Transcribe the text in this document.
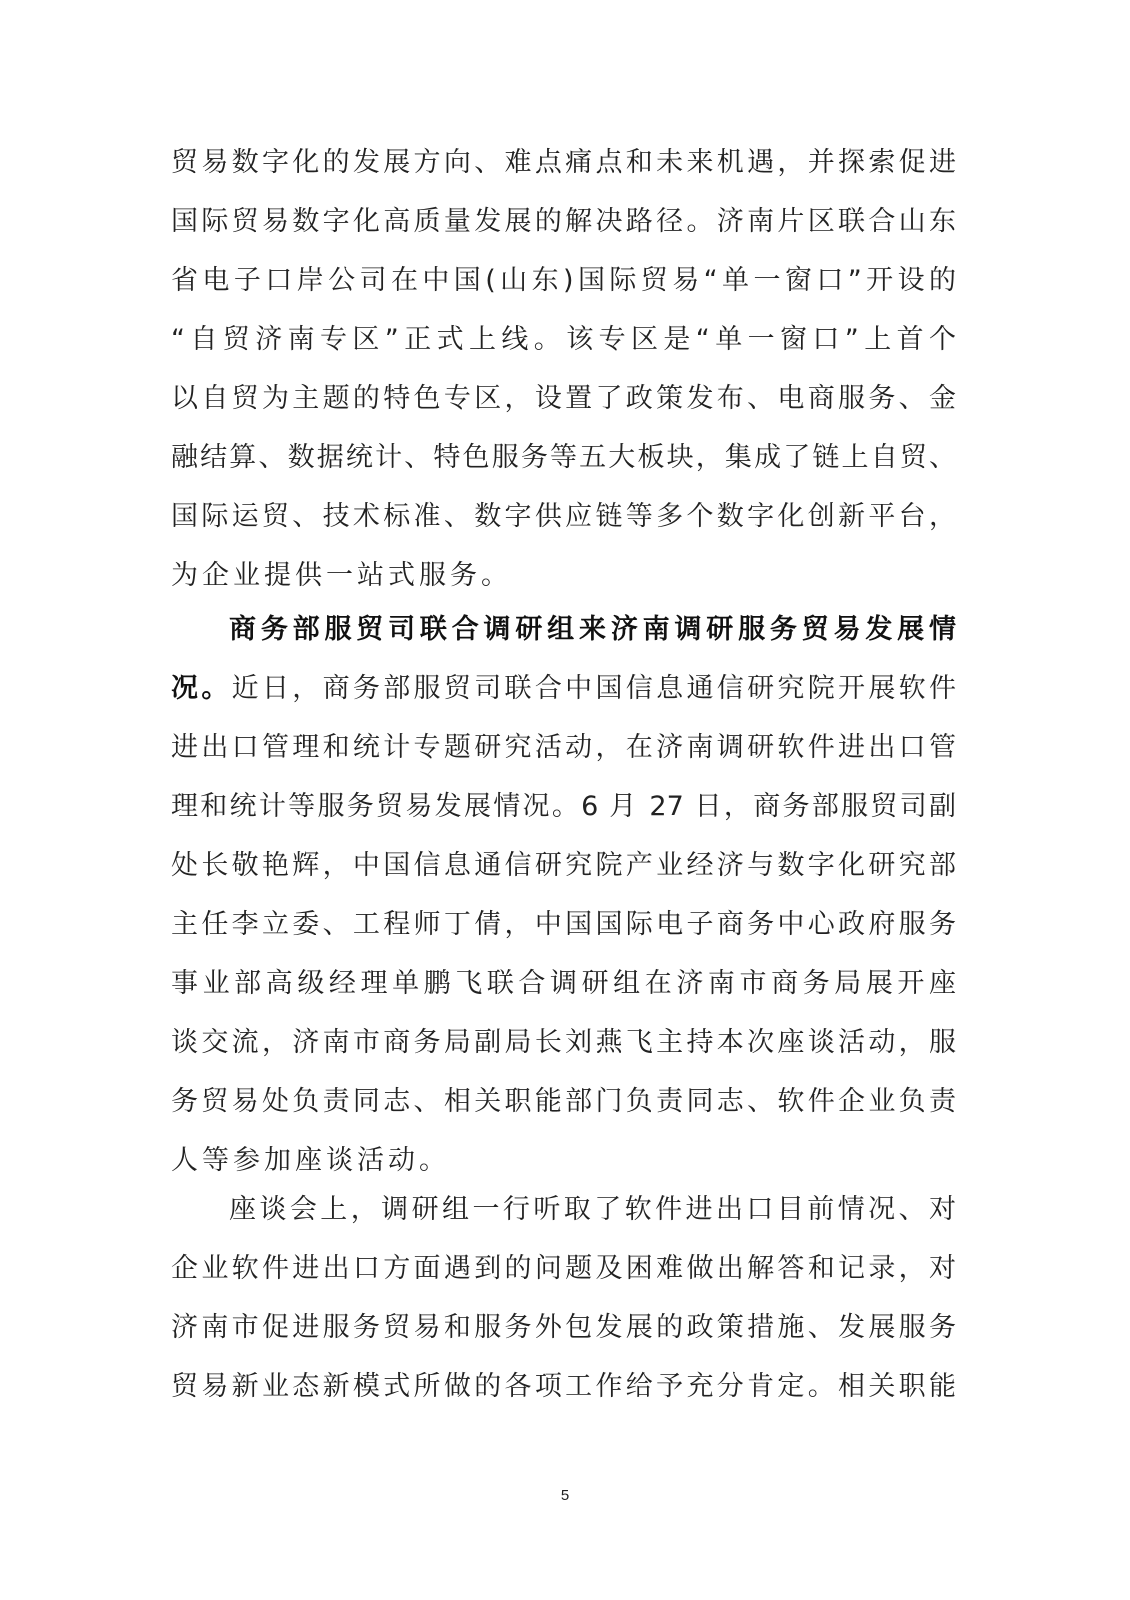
贸易数字化的发展方向、难点痛点和未来机遇，并探索促进
国际贸易数字化高质量发展的解决路径。济南片区联合山东
省电子口岸公司在中国(山东)国际贸易“单一窗口”开设的
“自贸济南专区”正式上线。该专区是“单一窗口”上首个
以自贸为主题的特色专区，设置了政策发布、电商服务、金
融结算、数据统计、特色服务等五大板块，集成了链上自贸、
国际运贸、技术标准、数字供应链等多个数字化创新平台，
为企业提供一站式服务。
商务部服贸司联合调研组来济南调研服务贸易发展情
况。近日，商务部服贸司联合中国信息通信研究院开展软件
进出口管理和统计专题研究活动，在济南调研软件进出口管
理和统计等服务贸易发展情况。6 月 27 日，商务部服贸司副
处长敬艳辉，中国信息通信研究院产业经济与数字化研究部
主任李立委、工程师丁倩，中国国际电子商务中心政府服务
事业部高级经理单鹏飞联合调研组在济南市商务局展开座
谈交流，济南市商务局副局长刘燕飞主持本次座谈活动，服
务贸易处负责同志、相关职能部门负责同志、软件企业负责
人等参加座谈活动。
座谈会上，调研组一行听取了软件进出口目前情况、对
企业软件进出口方面遇到的问题及困难做出解答和记录，对
济南市促进服务贸易和服务外包发展的政策措施、发展服务
贸易新业态新模式所做的各项工作给予充分肯定。相关职能
5
